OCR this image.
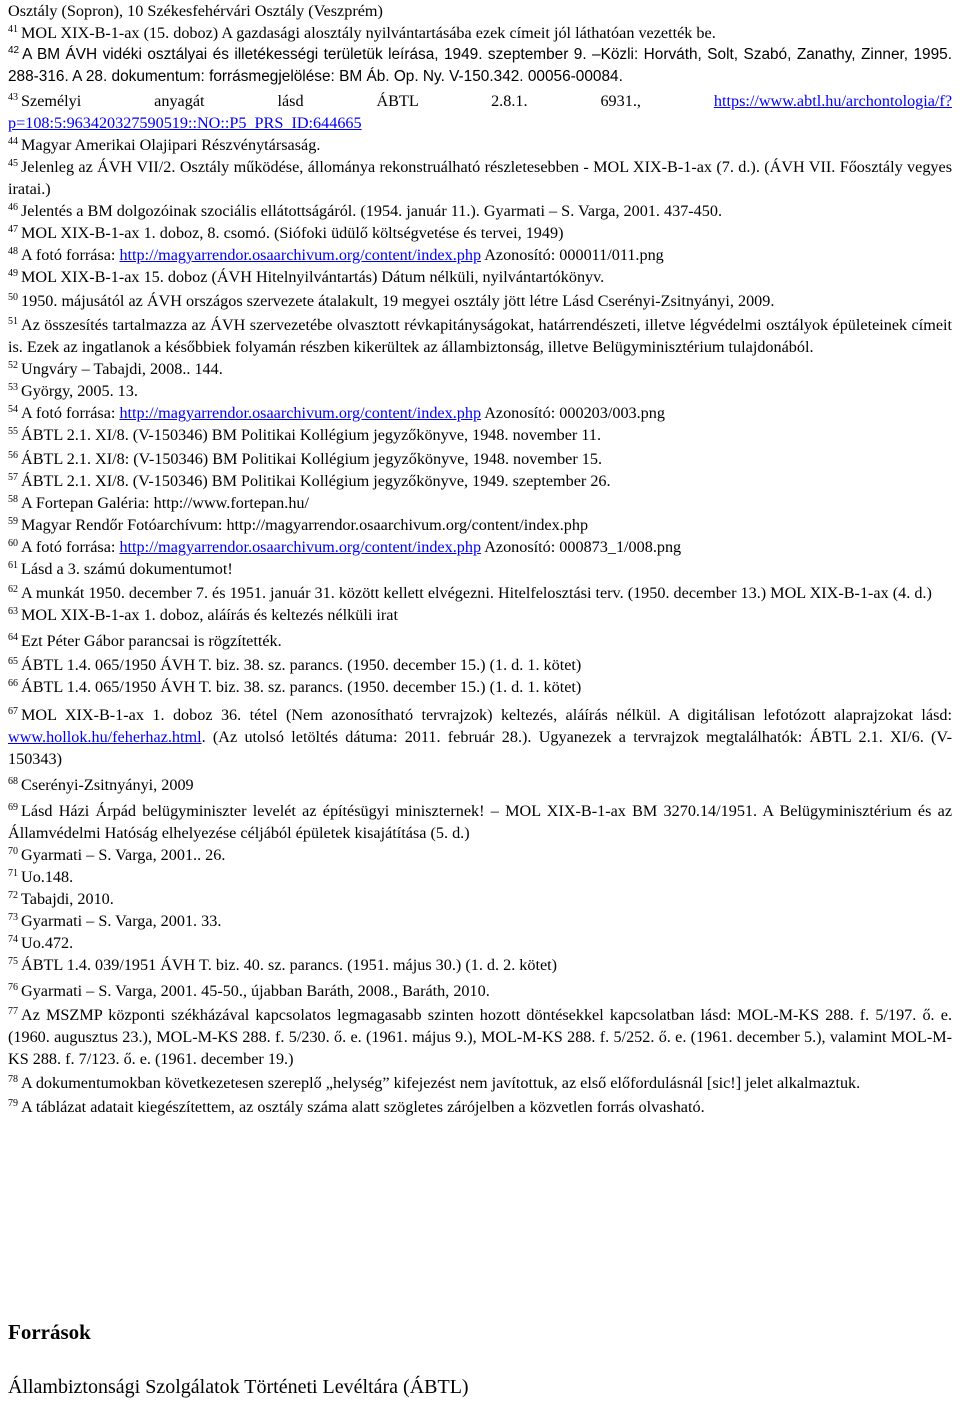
Osztály (Sopron), 10 Székesfehérvári Osztály (Veszprém)

$^{41}$ MOL XIX-B-1-ax (15. doboz) A gazdasági alosztály nyilvántartásába ezek címeit jól láthatóan vezették be.

$^{42}$ A BM ÁVH vidéki osztályai és illetékességi területük leírása, 1949. szeptember 9. –Közli: Horváth, Solt, Szabó, Zanathy, Zinner, 1995. 288-316. A 28. dokumentum: forrásmegjelölése: BM Áb. Op. Ny. V-150.342. 00056-00084.

$^{43}$ Személyi anyagát lásd ÁBTL 2.8.1. 6931.,	https://www.abtl.hu/archontologia/f?
p=108:5:963420327590519::NO::P5_PRS_ID:644665

$^{44}$ Magyar Amerikai Olajipari Részvénytársaság.

$^{45}$ Jelenleg az ÁVH VII/2. Osztály működése, állománya rekonstruálható részletesebben - MOL XIX-B-1-ax (7. d.). (ÁVH VII. Főosztály vegyes iratai.)

$^{46}$ Jelentés a BM dolgozóinak szociális ellátottságáról. (1954. január 11.). Gyarmati – S. Varga, 2001. 437-450.

$^{47}$ MOL XIX-B-1-ax 1. doboz, 8. csomó. (Siófoki üdülő költségvetése és tervei, 1949)

$^{48}$ A fotó forrása: http://magyarrendor.osaarchivum.org/content/index.php Azonosító: 000011/011.png

$^{49}$ MOL XIX-B-1-ax 15. doboz (ÁVH Hitelnyilvántartás) Dátum nélküli, nyilvántartókönyv.

$^{50}$ 1950. májusától az ÁVH országos szervezete átalakult, 19 megyei osztály jött létre Lásd Cserényi-Zsitnyányi, 2009.

$^{51}$ Az összesítés tartalmazza az ÁVH szervezetébe olvasztott révkapitányságokat, határrendészeti, illetve légvédelmi osztályok épületeinek címeit is. Ezek az ingatlanok a későbbiek folyamán részben kikerültek az állambiztonság, illetve Belügyminisztérium tulajdonából.

$^{52}$ Ungváry – Tabajdi, 2008.. 144.

$^{53}$ György, 2005. 13.

$^{54}$ A fotó forrása: http://magyarrendor.osaarchivum.org/content/index.php Azonosító: 000203/003.png

$^{55}$ ÁBTL 2.1. XI/8. (V-150346) BM Politikai Kollégium jegyzőkönyve, 1948. november 11.

$^{56}$ ÁBTL 2.1. XI/8: (V-150346) BM Politikai Kollégium jegyzőkönyve, 1948. november 15.

$^{57}$ ÁBTL 2.1. XI/8. (V-150346) BM Politikai Kollégium jegyzőkönyve, 1949. szeptember 26.

$^{58}$ A Fortepan Galéria: http://www.fortepan.hu/

$^{59}$ Magyar Rendőr Fotóarchívum: http://magyarrendor.osaarchivum.org/content/index.php

$^{60}$ A fotó forrása: http://magyarrendor.osaarchivum.org/content/index.php Azonosító: 000873_1/008.png

$^{61}$ Lásd a 3. számú dokumentumot!

$^{62}$ A munkát 1950. december 7. és 1951. január 31. között kellett elvégezni. Hitelfelosztási terv. (1950. december 13.) MOL XIX-B-1-ax (4. d.)

$^{63}$ MOL XIX-B-1-ax 1. doboz, aláírás és keltezés nélküli irat

$^{64}$ Ezt Péter Gábor parancsai is rögzítették.

$^{65}$ ÁBTL 1.4. 065/1950 ÁVH T. biz. 38. sz. parancs. (1950. december 15.) (1. d. 1. kötet)

$^{66}$ ÁBTL 1.4. 065/1950 ÁVH T. biz. 38. sz. parancs. (1950. december 15.) (1. d. 1. kötet)

$^{67}$ MOL XIX-B-1-ax 1. doboz 36. tétel (Nem azonosítható tervrajzok) keltezés, aláírás nélkül. A digitálisan lefotózott alaprajzokat lásd: www.hollok.hu/feherhaz.html. (Az utolsó letöltés dátuma: 2011. február 28.). Ugyanezek a tervrajzok megtalálhatók: ÁBTL 2.1. XI/6. (V-150343)

$^{68}$ Cserényi-Zsitnyányi, 2009

$^{69}$ Lásd Házi Árpád belügyminiszter levelét az építésügyi miniszternek! – MOL XIX-B-1-ax BM 3270.14/1951. A Belügyminisztérium és az Államvédelmi Hatóság elhelyezése céljából épületek kisajátítása (5. d.)

$^{70}$ Gyarmati – S. Varga, 2001.. 26.

$^{71}$ Uo.148.

$^{72}$ Tabajdi, 2010.

$^{73}$ Gyarmati – S. Varga, 2001. 33.

$^{74}$ Uo.472.

$^{75}$ ÁBTL 1.4. 039/1951 ÁVH T. biz. 40. sz. parancs. (1951. május 30.) (1. d. 2. kötet)

$^{76}$ Gyarmati – S. Varga, 2001. 45-50., újabban Baráth, 2008., Baráth, 2010.

$^{77}$ Az MSZMP központi székházával kapcsolatos legmagasabb szinten hozott döntésekkel kapcsolatban lásd: MOL-M-KS 288. f. 5/197. ő. e. (1960. augusztus 23.), MOL-M-KS 288. f. 5/230. ő. e. (1961. május 9.), MOL-M-KS 288. f. 5/252. ő. e. (1961. december 5.), valamint MOL-M-KS 288. f. 7/123. ő. e. (1961. december 19.)

$^{78}$ A dokumentumokban következetesen szereplő „helység” kifejezést nem javítottuk, az első előfordulásnál [sic!] jelet alkalmaztuk.

$^{79}$ A táblázat adatait kiegészítettem, az osztály száma alatt szögletes zárójelben a közvetlen forrás olvasható.

Források

Állambiztonsági Szolgálatok Történeti Levéltára (ÁBTL)
